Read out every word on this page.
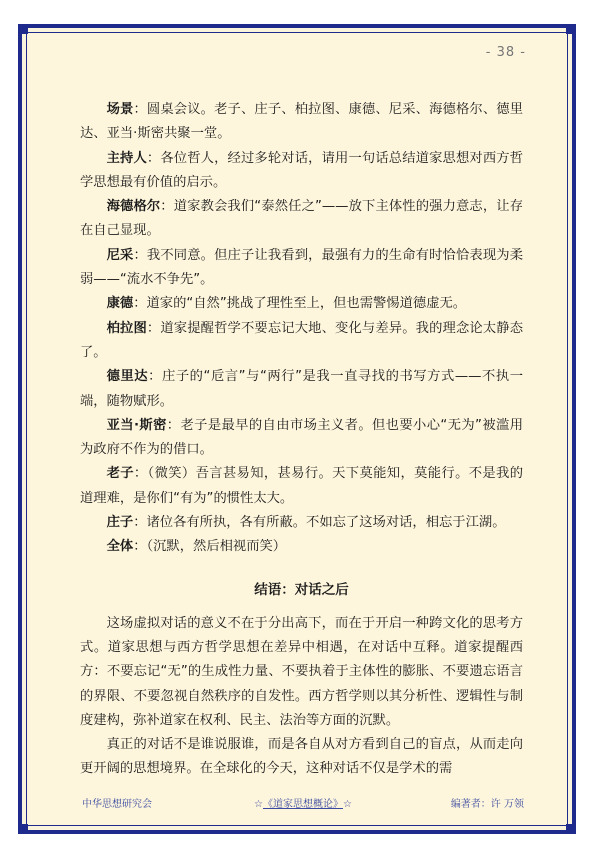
- 38 -

场景：圆桌会议。老子、庄子、柏拉图、康德、尼采、海德格尔、德里达、亚当·斯密共聚一堂。

主持人：各位哲人，经过多轮对话，请用一句话总结道家思想对西方哲学思想最有价值的启示。

海德格尔：道家教会我们“泰然任之”——放下主体性的强力意志，让存在自己显现。

尼采：我不同意。但庄子让我看到，最强有力的生命有时恰恰表现为柔弱——“流水不争先”。

康德：道家的“自然”挑战了理性至上，但也需警惕道德虚无。

柏拉图：道家提醒哲学不要忘记大地、变化与差异。我的理念论太静态了。

德里达：庄子的“卮言”与“两行”是我一直寻找的书写方式——不执一端，随物赋形。

亚当·斯密：老子是最早的自由市场主义者。但也要小心“无为”被滥用为政府不作为的借口。

老子：（微笑）吾言甚易知，甚易行。天下莫能知，莫能行。不是我的道理难，是你们“有为”的惯性太大。

庄子：诸位各有所执，各有所蔽。不如忘了这场对话，相忘于江湖。

全体：（沉默，然后相视而笑）

结语：对话之后

这场虚拟对话的意义不在于分出高下，而在于开启一种跨文化的思考方式。道家思想与西方哲学思想在差异中相遇，在对话中互释。道家提醒西方：不要忘记“无”的生成性力量、不要执着于主体性的膨胀、不要遗忘语言的界限、不要忽视自然秩序的自发性。西方哲学则以其分析性、逻辑性与制度建构，弥补道家在权利、民主、法治等方面的沉默。

真正的对话不是谁说服谁，而是各自从对方看到自己的盲点，从而走向更开阔的思想境界。在全球化的今天，这种对话不仅是学术的需

中华思想研究会	☆《道家思想概论》☆	编著者：许 万领
